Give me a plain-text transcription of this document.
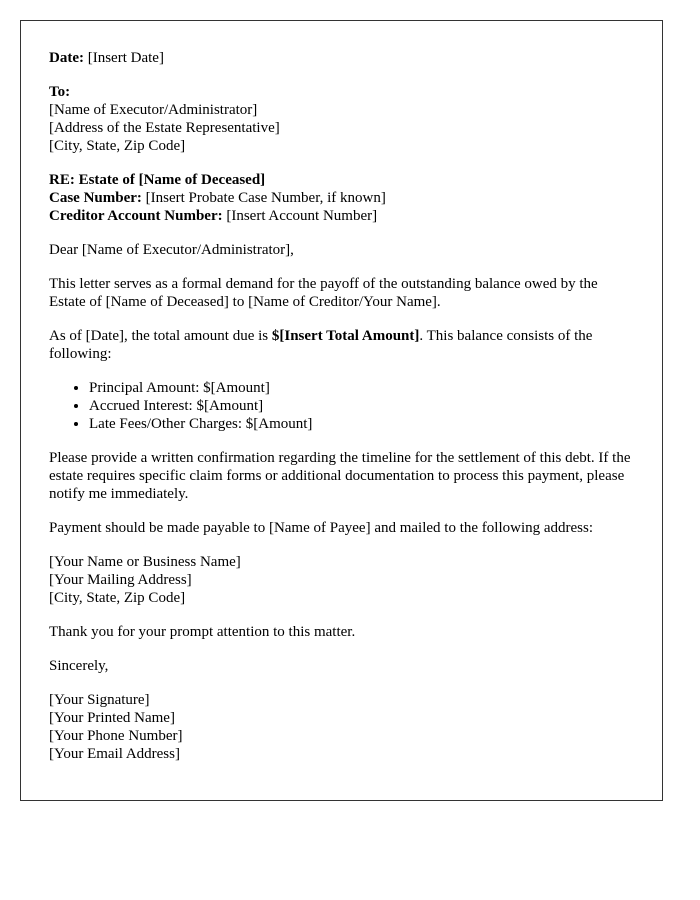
Date: [Insert Date]

To:
[Name of Executor/Administrator]
[Address of the Estate Representative]
[City, State, Zip Code]

RE: Estate of [Name of Deceased]
Case Number: [Insert Probate Case Number, if known]
Creditor Account Number: [Insert Account Number]

Dear [Name of Executor/Administrator],

This letter serves as a formal demand for the payoff of the outstanding balance owed by the Estate of [Name of Deceased] to [Name of Creditor/Your Name].

As of [Date], the total amount due is $[Insert Total Amount]. This balance consists of the following:

• Principal Amount: $[Amount]
• Accrued Interest: $[Amount]
• Late Fees/Other Charges: $[Amount]

Please provide a written confirmation regarding the timeline for the settlement of this debt. If the estate requires specific claim forms or additional documentation to process this payment, please notify me immediately.

Payment should be made payable to [Name of Payee] and mailed to the following address:

[Your Name or Business Name]
[Your Mailing Address]
[City, State, Zip Code]

Thank you for your prompt attention to this matter.

Sincerely,

[Your Signature]
[Your Printed Name]
[Your Phone Number]
[Your Email Address]
